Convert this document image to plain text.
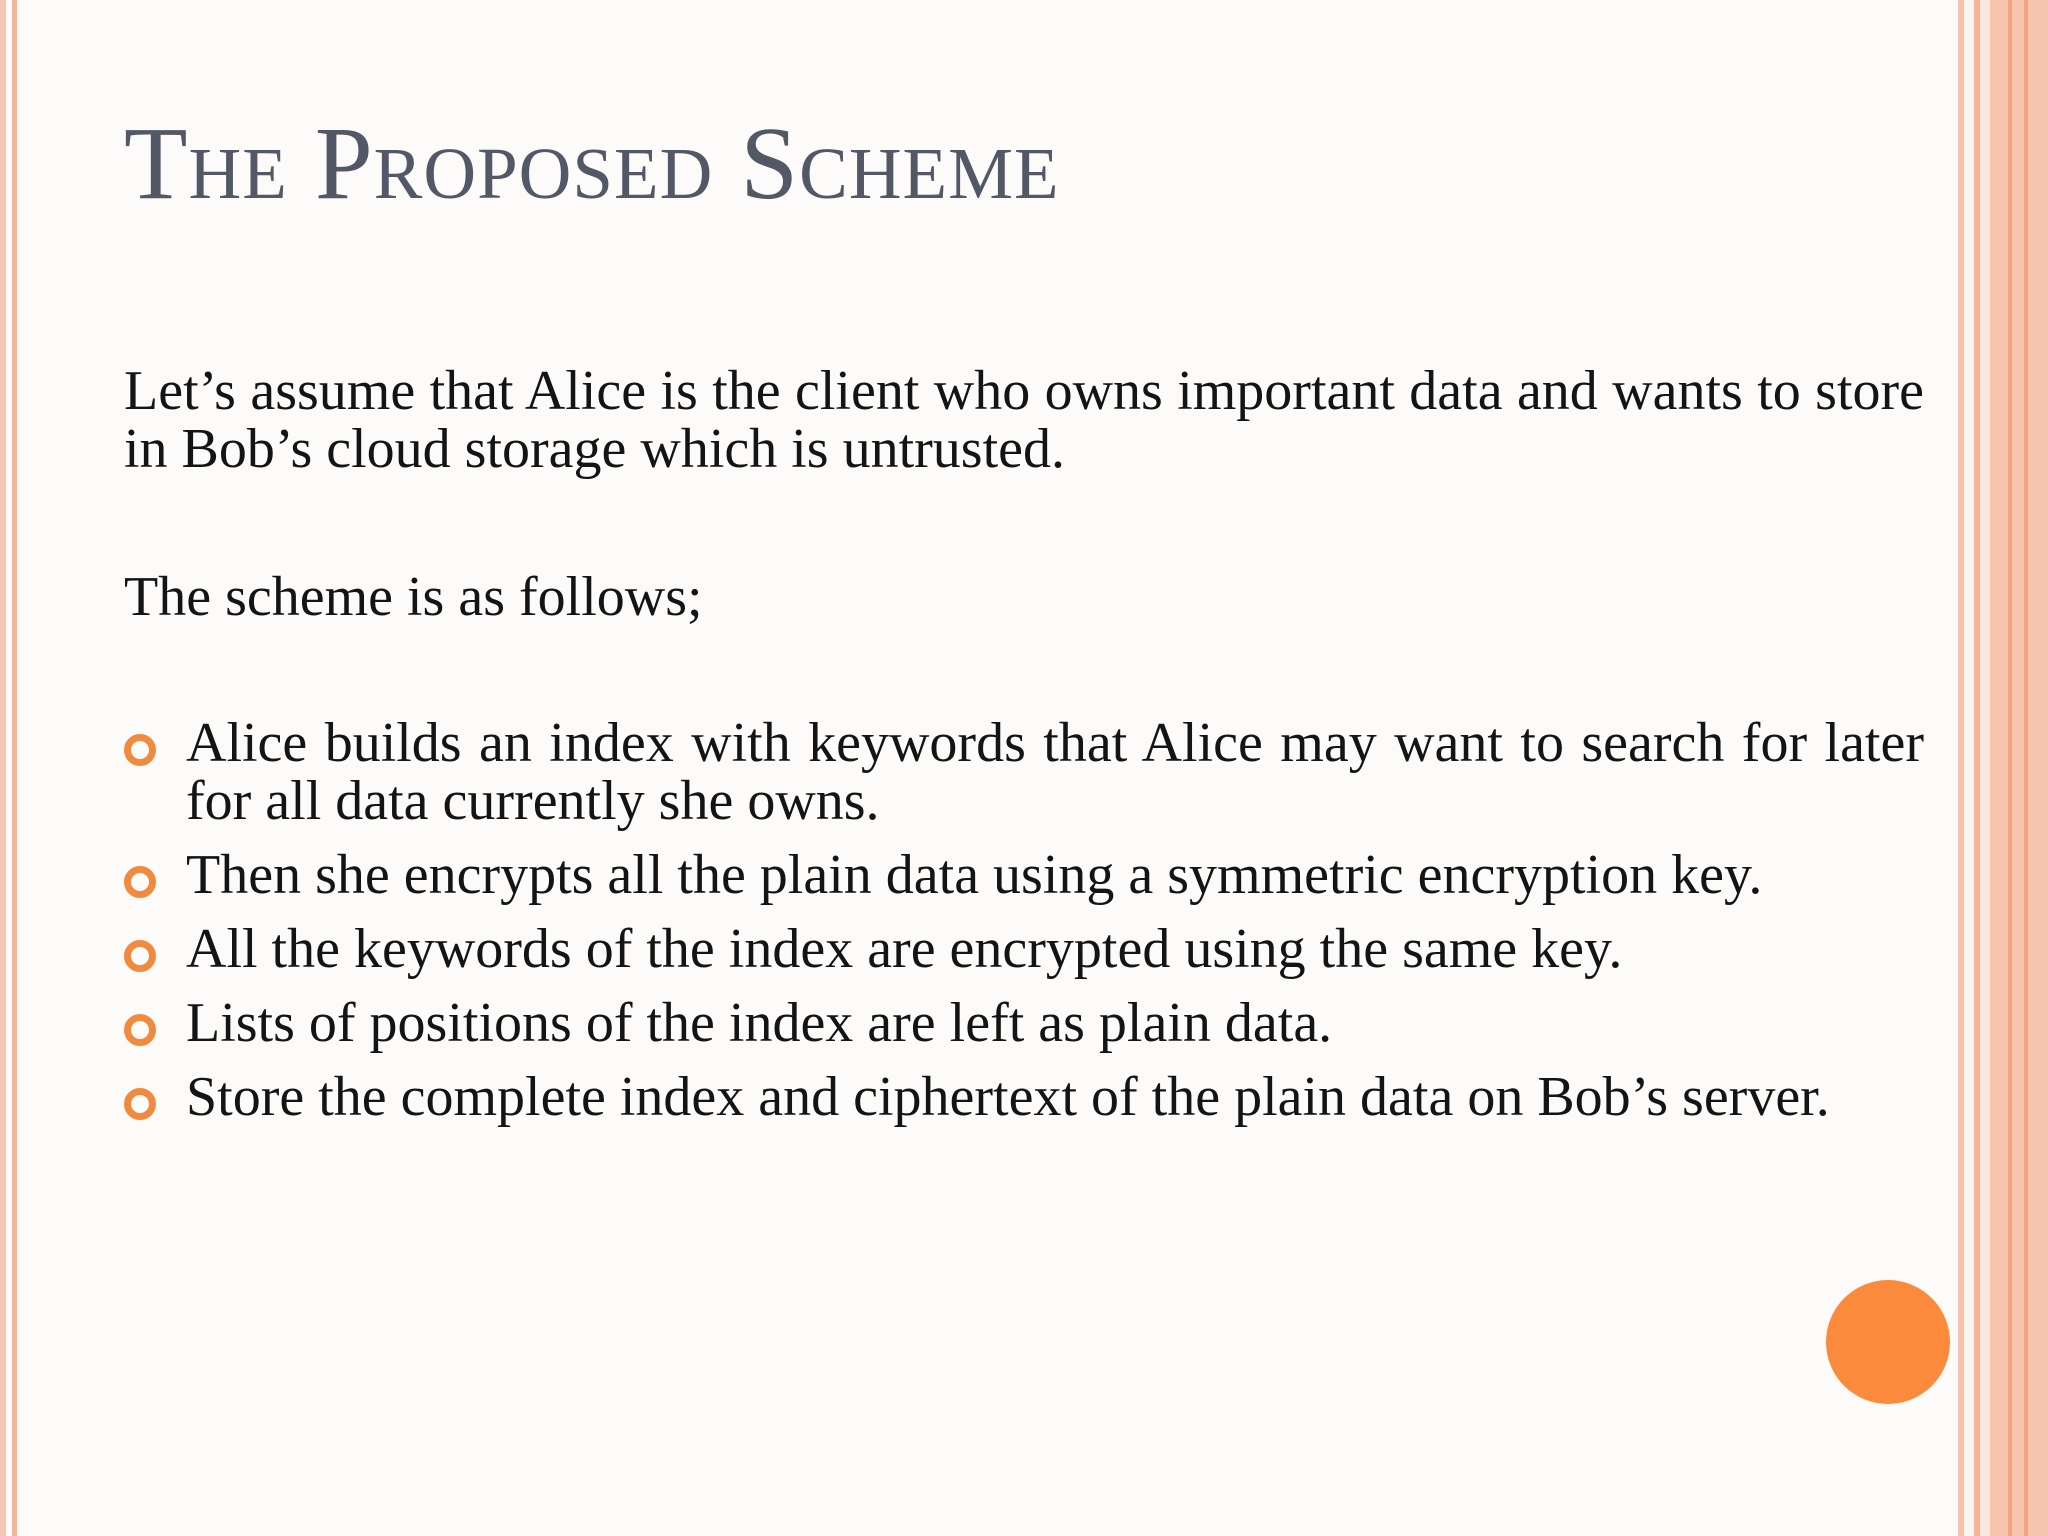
The Proposed Scheme

Let’s assume that Alice is the client who owns important data and wants to store in Bob’s cloud storage which is untrusted.

The scheme is as follows;

Alice builds an index with keywords that Alice may want to search for later for all data currently she owns.
Then she encrypts all the plain data using a symmetric encryption key.
All the keywords of the index are encrypted using the same key.
Lists of positions of the index are left as plain data.
Store the complete index and ciphertext of the plain data on Bob’s server.
